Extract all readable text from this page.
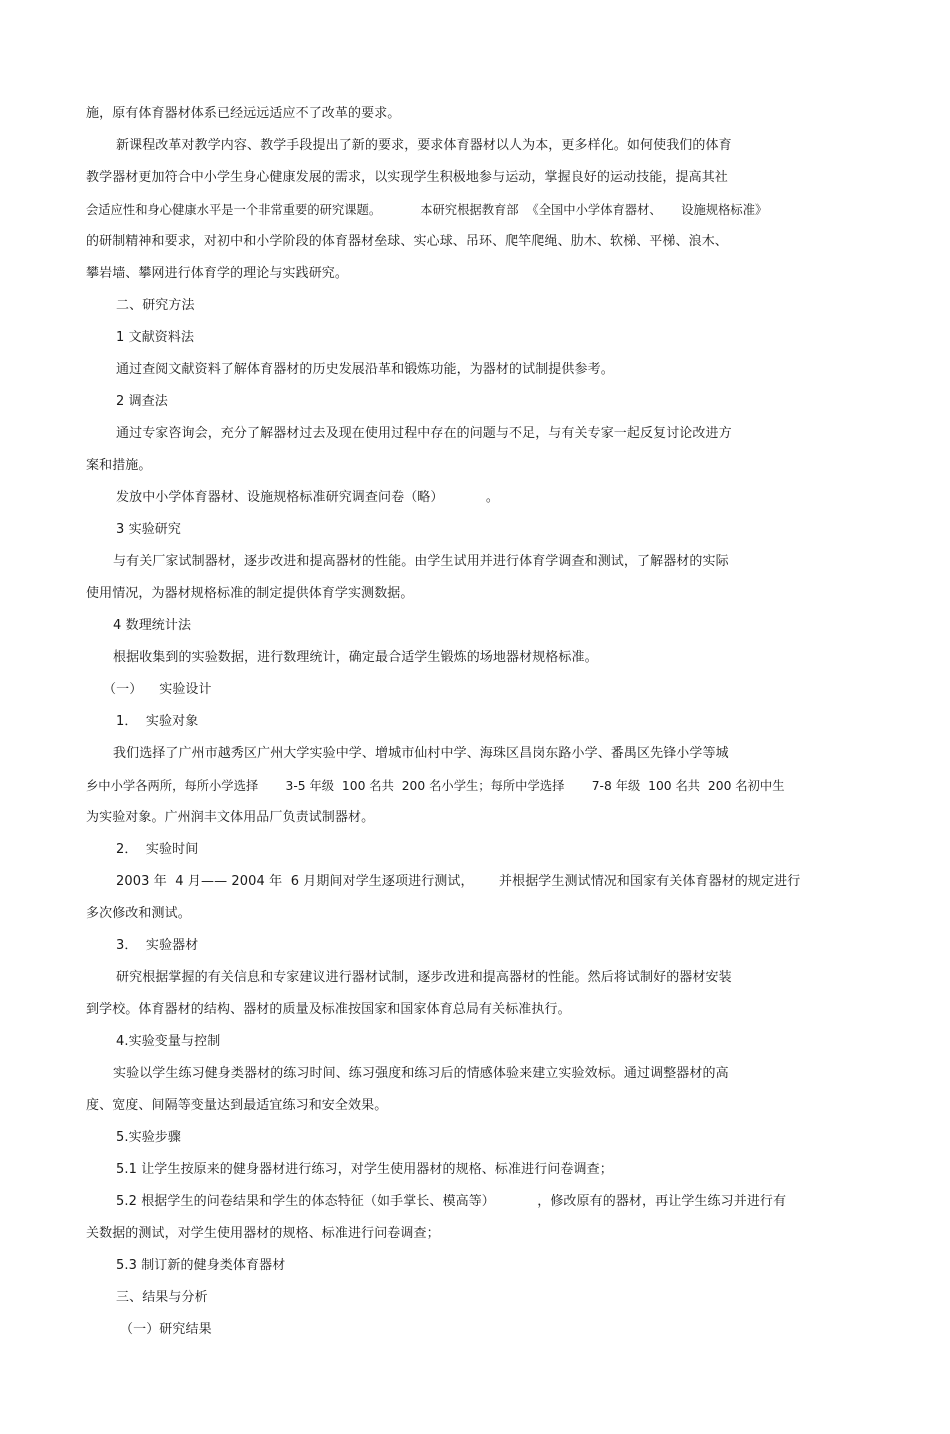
施，原有体育器材体系已经远远适应不了改革的要求。
新课程改革对教学内容、教学手段提出了新的要求，要求体育器材以人为本，更多样化。如何使我们的体育
教学器材更加符合中小学生身心健康发展的需求，以实现学生积极地参与运动，掌握良好的运动技能，提高其社
会适应性和身心健康水平是一个非常重要的研究课题。          本研究根据教育部  《全国中小学体育器材、     设施规格标准》
的研制精神和要求，对初中和小学阶段的体育器材垒球、实心球、吊环、爬竿爬绳、肋木、软梯、平梯、浪木、
攀岩墙、攀网进行体育学的理论与实践研究。
二、研究方法
1 文献资料法
通过查阅文献资料了解体育器材的历史发展沿革和锻炼功能，为器材的试制提供参考。
2 调查法
通过专家咨询会，充分了解器材过去及现在使用过程中存在的问题与不足，与有关专家一起反复讨论改进方
案和措施。
发放中小学体育器材、设施规格标准研究调查问卷（略）          。
3 实验研究
与有关厂家试制器材，逐步改进和提高器材的性能。由学生试用并进行体育学调查和测试，了解器材的实际
使用情况，为器材规格标准的制定提供体育学实测数据。
4 数理统计法
根据收集到的实验数据，进行数理统计，确定最合适学生锻炼的场地器材规格标准。
（一）    实验设计
1．  实验对象
我们选择了广州市越秀区广州大学实验中学、增城市仙村中学、海珠区昌岗东路小学、番禺区先锋小学等城
乡中小学各两所，每所小学选择       3-5 年级  100 名共  200 名小学生；每所中学选择       7-8 年级  100 名共  200 名初中生
为实验对象。广州润丰文体用品厂负责试制器材。
2．  实验时间
2003 年  4 月—— 2004 年  6 月期间对学生逐项进行测试，      并根据学生测试情况和国家有关体育器材的规定进行
多次修改和测试。
3．  实验器材
研究根据掌握的有关信息和专家建议进行器材试制，逐步改进和提高器材的性能。然后将试制好的器材安装
到学校。体育器材的结构、器材的质量及标准按国家和国家体育总局有关标准执行。
4.实验变量与控制
实验以学生练习健身类器材的练习时间、练习强度和练习后的情感体验来建立实验效标。通过调整器材的高
度、宽度、间隔等变量达到最适宜练习和安全效果。
5.实验步骤
5.1 让学生按原来的健身器材进行练习，对学生使用器材的规格、标准进行问卷调查；
5.2 根据学生的问卷结果和学生的体态特征（如手掌长、模高等）          ，修改原有的器材，再让学生练习并进行有
关数据的测试，对学生使用器材的规格、标准进行问卷调查；
5.3 制订新的健身类体育器材
三、结果与分析
（一）研究结果
